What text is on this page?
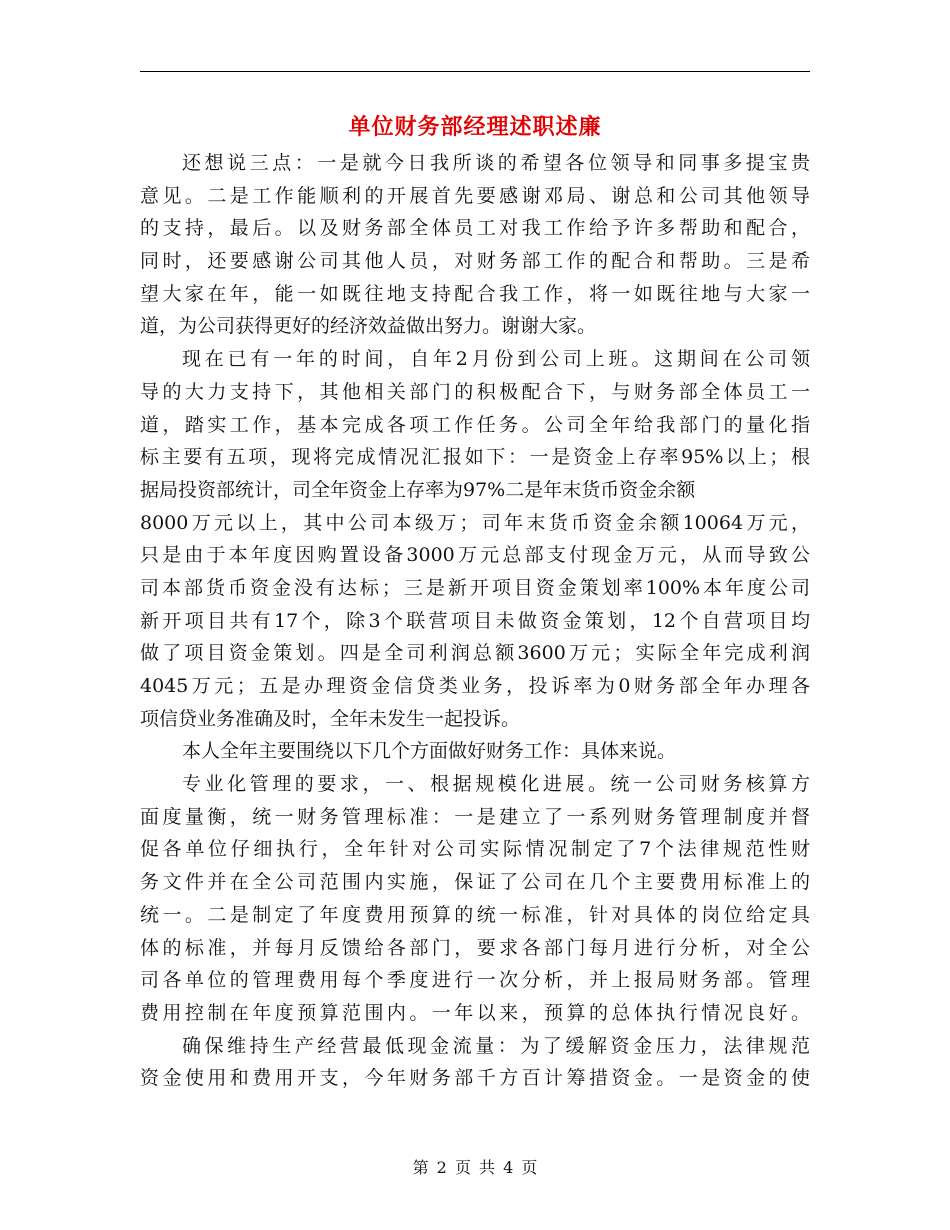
单位财务部经理述职述廉
还想说三点：一是就今日我所谈的希望各位领导和同事多提宝贵
意见。二是工作能顺利的开展首先要感谢邓局、谢总和公司其他领导
的支持，最后。以及财务部全体员工对我工作给予许多帮助和配合，
同时，还要感谢公司其他人员，对财务部工作的配合和帮助。三是希
望大家在年，能一如既往地支持配合我工作，将一如既往地与大家一
道，为公司获得更好的经济效益做出努力。谢谢大家。
现在已有一年的时间，自年2月份到公司上班。这期间在公司领
导的大力支持下，其他相关部门的积极配合下，与财务部全体员工一
道，踏实工作，基本完成各项工作任务。公司全年给我部门的量化指
标主要有五项，现将完成情况汇报如下：一是资金上存率95%以上；根
据局投资部统计，司全年资金上存率为97%二是年末货币资金余额
8000万元以上，其中公司本级万；司年末货币资金余额10064万元，
只是由于本年度因购置设备3000万元总部支付现金万元，从而导致公
司本部货币资金没有达标；三是新开项目资金策划率100%本年度公司
新开项目共有17个，除3个联营项目未做资金策划，12个自营项目均
做了项目资金策划。四是全司利润总额3600万元；实际全年完成利润
4045万元；五是办理资金信贷类业务，投诉率为0财务部全年办理各
项信贷业务准确及时，全年未发生一起投诉。
本人全年主要围绕以下几个方面做好财务工作：具体来说。
专业化管理的要求，一、根据规模化进展。统一公司财务核算方
面度量衡，统一财务管理标准：一是建立了一系列财务管理制度并督
促各单位仔细执行，全年针对公司实际情况制定了7个法律规范性财
务文件并在全公司范围内实施，保证了公司在几个主要费用标准上的
统一。二是制定了年度费用预算的统一标准，针对具体的岗位给定具
体的标准，并每月反馈给各部门，要求各部门每月进行分析，对全公
司各单位的管理费用每个季度进行一次分析，并上报局财务部。管理
费用控制在年度预算范围内。一年以来，预算的总体执行情况良好。
确保维持生产经营最低现金流量：为了缓解资金压力，法律规范
资金使用和费用开支，今年财务部千方百计筹措资金。一是资金的使
第 2 页 共 4 页
